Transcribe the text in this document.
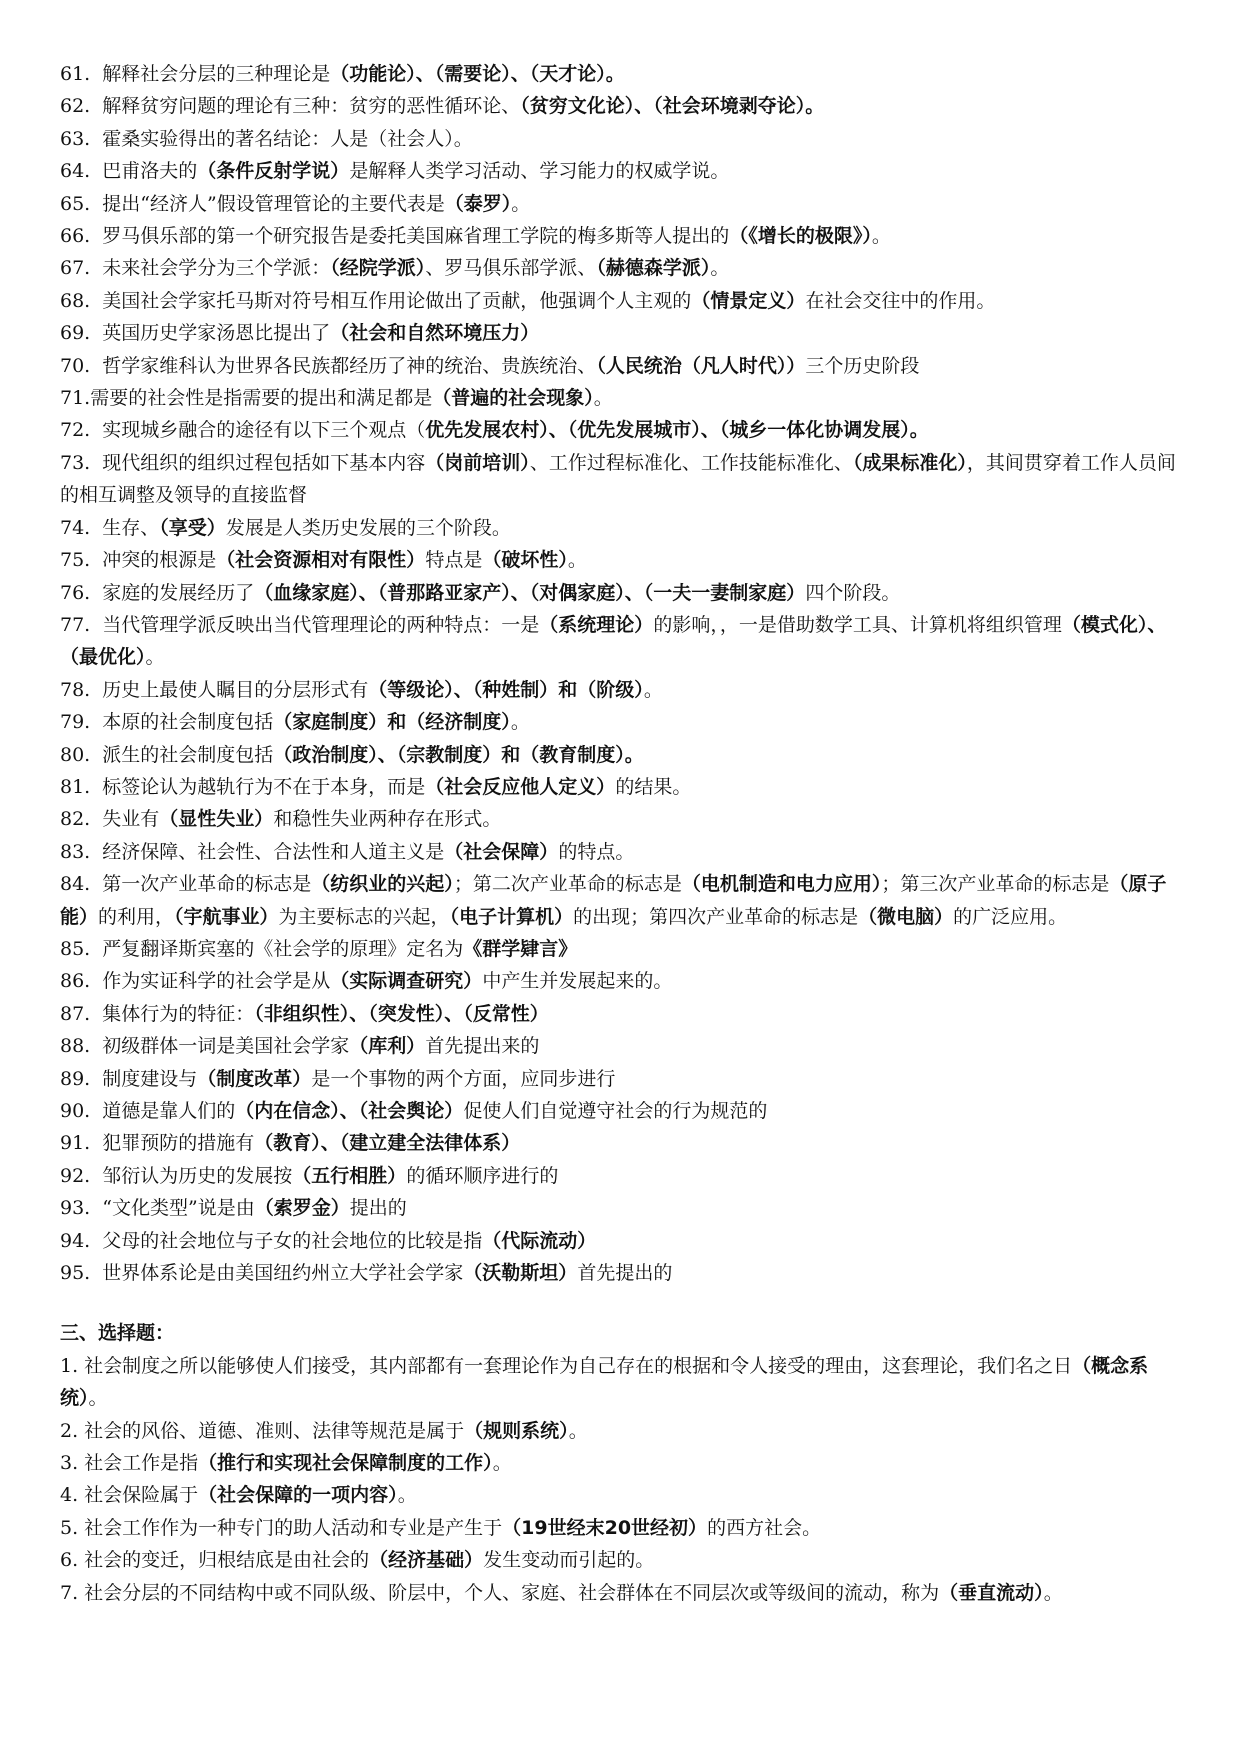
61.  解释社会分层的三种理论是（功能论）、（需要论）、（天才论）。

62.  解释贫穷问题的理论有三种：贫穷的恶性循环论、（贫穷文化论）、（社会环境剥夺论）。

63.  霍桑实验得出的著名结论：人是（社会人）。

64.  巴甫洛夫的（条件反射学说）是解释人类学习活动、学习能力的权威学说。

65.  提出“经济人”假设管理管论的主要代表是（泰罗）。

66.  罗马俱乐部的第一个研究报告是委托美国麻省理工学院的梅多斯等人提出的（《增长的极限》）。

67.  未来社会学分为三个学派：（经院学派）、罗马俱乐部学派、（赫德森学派）。

68.  美国社会学家托马斯对符号相互作用论做出了贡献，他强调个人主观的（情景定义）在社会交往中的作用。

69.  英国历史学家汤恩比提出了（社会和自然环境压力）

70.  哲学家维科认为世界各民族都经历了神的统治、贵族统治、（人民统治（凡人时代））三个历史阶段

71.需要的社会性是指需要的提出和满足都是（普遍的社会现象）。

72.  实现城乡融合的途径有以下三个观点（优先发展农村）、（优先发展城市）、（城乡一体化协调发展）。

73.  现代组织的组织过程包括如下基本内容（岗前培训）、工作过程标准化、工作技能标准化、（成果标准化），其间贯穿着工作人员间的相互调整及领导的直接监督

74.  生存、（享受）发展是人类历史发展的三个阶段。

75.  冲突的根源是（社会资源相对有限性）特点是（破坏性）。

76.  家庭的发展经历了（血缘家庭）、（普那路亚家产）、（对偶家庭）、（一夫一妻制家庭）四个阶段。

77.  当代管理学派反映出当代管理理论的两种特点：一是（系统理论）的影响，，一是借助数学工具、计算机将组织管理（模式化）、（最优化）。

78.  历史上最使人瞩目的分层形式有（等级论）、（种姓制）和（阶级）。

79.  本原的社会制度包括（家庭制度）和（经济制度）。

80.  派生的社会制度包括（政治制度）、（宗教制度）和（教育制度）。

81.  标签论认为越轨行为不在于本身，而是（社会反应他人定义）的结果。

82.  失业有（显性失业）和稳性失业两种存在形式。

83.  经济保障、社会性、合法性和人道主义是（社会保障）的特点。

84.  第一次产业革命的标志是（纺织业的兴起）；第二次产业革命的标志是（电机制造和电力应用）；第三次产业革命的标志是（原子能）的利用，（宇航事业）为主要标志的兴起，（电子计算机）的出现；第四次产业革命的标志是（微电脑）的广泛应用。

85.  严复翻译斯宾塞的《社会学的原理》定名为《群学肄言》

86.  作为实证科学的社会学是从（实际调查研究）中产生并发展起来的。

87.  集体行为的特征：（非组织性）、（突发性）、（反常性）

88.  初级群体一词是美国社会学家（库利）首先提出来的

89.  制度建设与（制度改革）是一个事物的两个方面，应同步进行

90.  道德是靠人们的（内在信念）、（社会舆论）促使人们自觉遵守社会的行为规范的

91.  犯罪预防的措施有（教育）、（建立建全法律体系）

92.  邹衍认为历史的发展按（五行相胜）的循环顺序进行的

93.  “文化类型”说是由（索罗金）提出的

94.  父母的社会地位与子女的社会地位的比较是指（代际流动）

95.  世界体系论是由美国纽约州立大学社会学家（沃勒斯坦）首先提出的

三、选择题：

1. 社会制度之所以能够使人们接受，其内部都有一套理论作为自己存在的根据和令人接受的理由，这套理论，我们名之日（概念系统）。

2. 社会的风俗、道德、准则、法律等规范是属于（规则系统）。

3. 社会工作是指（推行和实现社会保障制度的工作）。

4. 社会保险属于（社会保障的一项内容）。

5. 社会工作作为一种专门的助人活动和专业是产生于（19世经末20世经初）的西方社会。

6. 社会的变迁，归根结底是由社会的（经济基础）发生变动而引起的。

7. 社会分层的不同结构中或不同队级、阶层中，个人、家庭、社会群体在不同层次或等级间的流动，称为（垂直流动）。
